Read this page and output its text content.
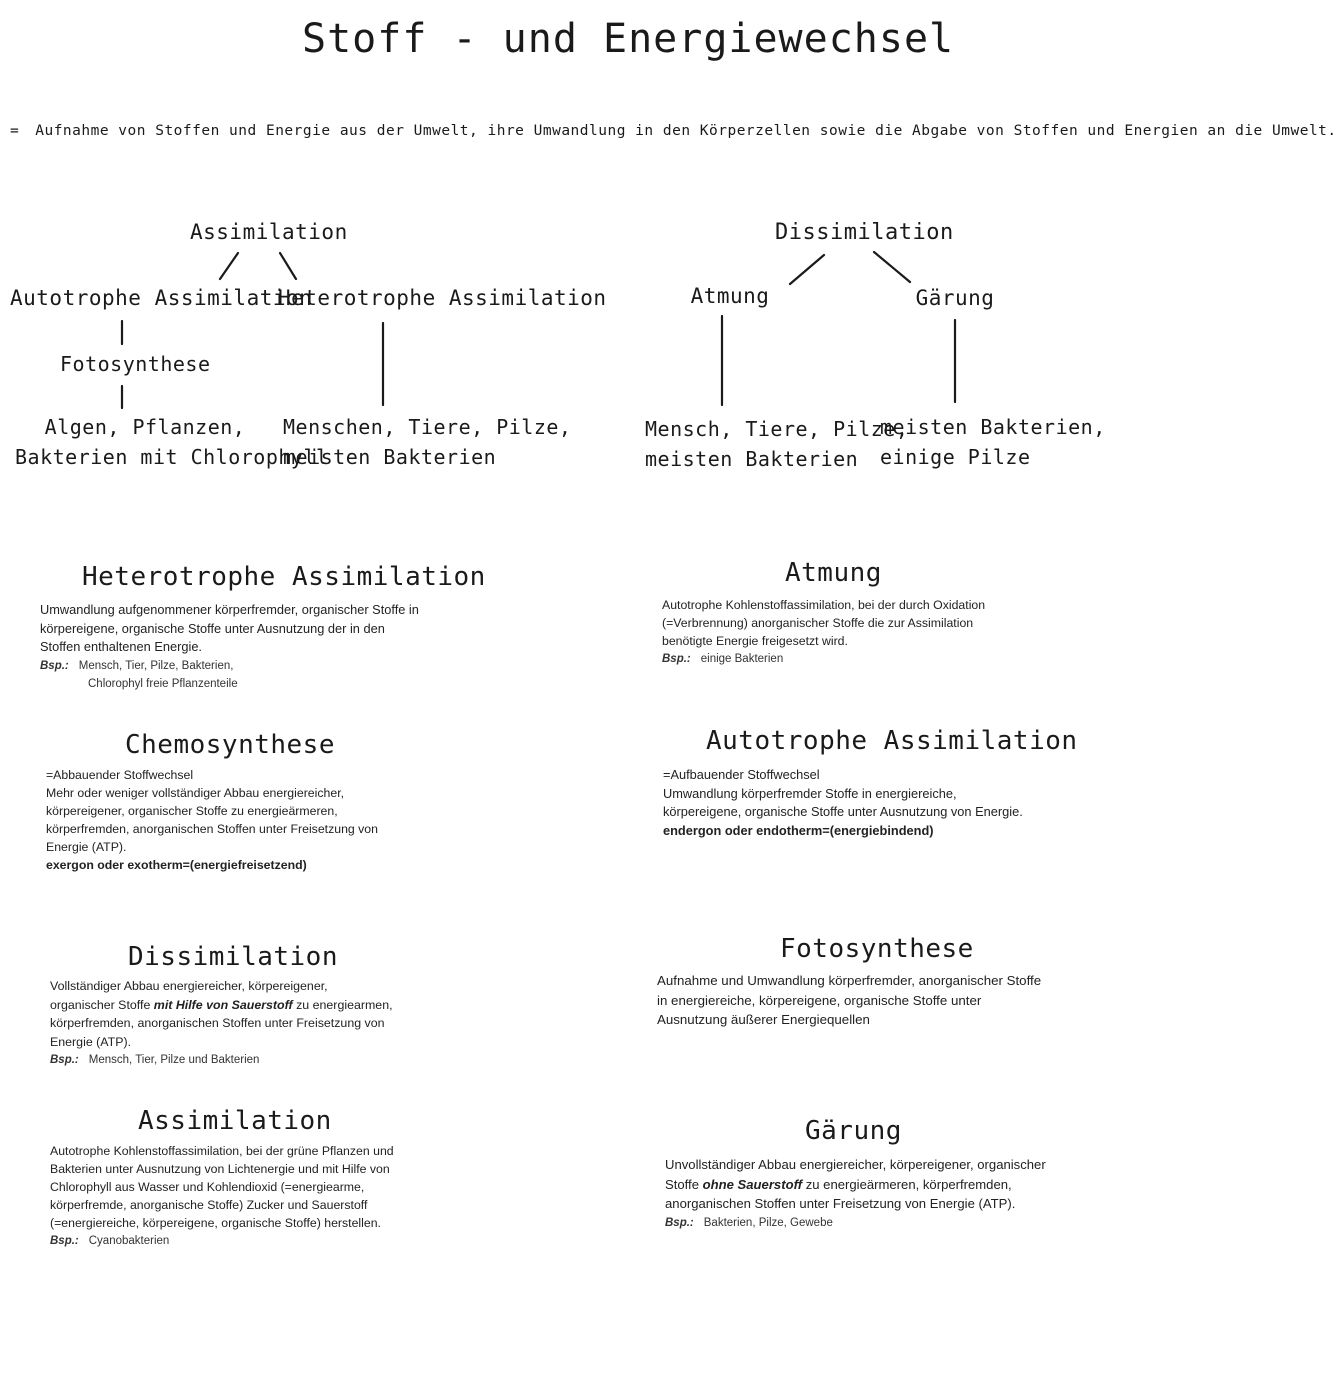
Stoff - und Energiewechsel
= Aufnahme von Stoffen und Energie aus der Umwelt, ihre Umwandlung in den Körperzellen sowie die Abgabe von Stoffen und Energien an die Umwelt.
Assimilation
Autotrophe Assimilation
Heterotrophe Assimilation
Fotosynthese
Algen, Pflanzen,
Bakterien mit Chlorophyll
Menschen, Tiere, Pilze,
meisten Bakterien
Dissimilation
Atmung	Gärung
Mensch, Tiere, Pilze,
meisten Bakterien
meisten Bakterien,
einige Pilze
Heterotrophe Assimilation

Umwandlung aufgenommener körperfremder, organischer Stoffe in körpereigene, organische Stoffe unter Ausnutzung der in den Stoffen enthaltenen Energie.

Bsp.: Mensch, Tier, Pilze, Bakterien,

Chlorophyl freie Pflanzenteile

Atmung

Autotrophe Kohlenstoffassimilation, bei der durch Oxidation (=Verbrennung) anorganischer Stoffe die zur Assimilation benötigte Energie freigesetzt wird.

Bsp.: einige Bakterien

Chemosynthese

=Abbauender Stoffwechsel

Mehr oder weniger vollständiger Abbau energiereicher, körpereigener, organischer Stoffe zu energieärmeren, körperfremden, anorganischen Stoffen unter Freisetzung von Energie (ATP).

exergon oder exotherm=(energiefreisetzend)

Autotrophe Assimilation

=Aufbauender Stoffwechsel

Umwandlung körperfremder Stoffe in energiereiche, körpereigene, organische Stoffe unter Ausnutzung von Energie.

endergon oder endotherm=(energiebindend)

Dissimilation

Vollständiger Abbau energiereicher, körpereigener, organischer Stoffe mit Hilfe von Sauerstoff zu energiearmen, körperfremden, anorganischen Stoffen unter Freisetzung von Energie (ATP).

Bsp.: Mensch, Tier, Pilze und Bakterien

Fotosynthese

Aufnahme und Umwandlung körperfremder, anorganischer Stoffe in energiereiche, körpereigene, organische Stoffe unter Ausnutzung äußerer Energiequellen

Assimilation

Autotrophe Kohlenstoffassimilation, bei der grüne Pflanzen und Bakterien unter Ausnutzung von Lichtenergie und mit Hilfe von Chlorophyll aus Wasser und Kohlendioxid (=energiearme, körperfremde, anorganische Stoffe) Zucker und Sauerstoff (=energiereiche, körpereigene, organische Stoffe) herstellen.

Bsp.: Cyanobakterien

Gärung

Unvollständiger Abbau energiereicher, körpereigener, organischer Stoffe ohne Sauerstoff zu energieärmeren, körperfremden, anorganischen Stoffen unter Freisetzung von Energie (ATP).

Bsp.: Bakterien, Pilze, Gewebe
